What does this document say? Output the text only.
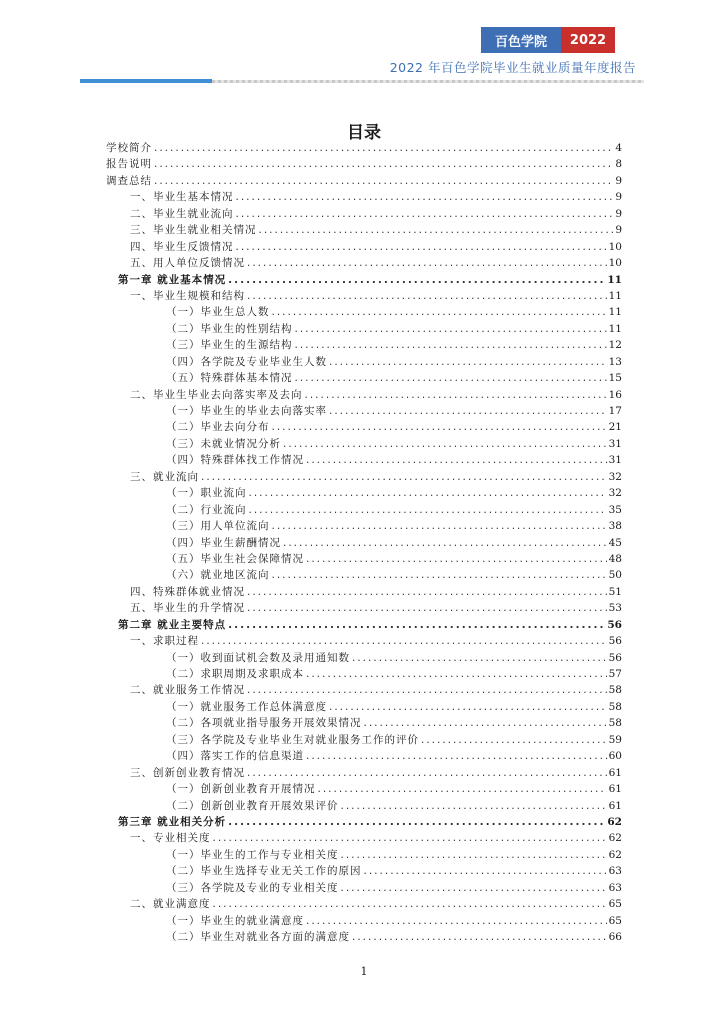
百色学院	2022
2022 年百色学院毕业生就业质量年度报告
目录
学校简介 .....	4
报告说明 .....	8
调查总结 .....	9
一、毕业生基本情况 .....	9
二、毕业生就业流向 .....	9
三、毕业生就业相关情况 .....	9
四、毕业生反馈情况 .....	10
五、用人单位反馈情况 .....	10
第一章 就业基本情况 .....	11
一、毕业生规模和结构 .....	11
（一）毕业生总人数 .....	11
（二）毕业生的性别结构 .....	11
（三）毕业生的生源结构 .....	12
（四）各学院及专业毕业生人数 .....	13
（五）特殊群体基本情况 .....	15
二、毕业生毕业去向落实率及去向 .....	16
（一）毕业生的毕业去向落实率 .....	17
（二）毕业去向分布 .....	21
（三）未就业情况分析 .....	31
（四）特殊群体找工作情况 .....	31
三、就业流向 .....	32
（一）职业流向 .....	32
（二）行业流向 .....	35
（三）用人单位流向 .....	38
（四）毕业生薪酬情况 .....	45
（五）毕业生社会保障情况 .....	48
（六）就业地区流向 .....	50
四、特殊群体就业情况 .....	51
五、毕业生的升学情况 .....	53
第二章 就业主要特点 .....	56
一、求职过程 .....	56
（一）收到面试机会数及录用通知数 .....	56
（二）求职周期及求职成本 .....	57
二、就业服务工作情况 .....	58
（一）就业服务工作总体满意度 .....	58
（二）各项就业指导服务开展效果情况 .....	58
（三）各学院及专业毕业生对就业服务工作的评价 .....	59
（四）落实工作的信息渠道 .....	60
三、创新创业教育情况 .....	61
（一）创新创业教育开展情况 .....	61
（二）创新创业教育开展效果评价 .....	61
第三章 就业相关分析 .....	62
一、专业相关度 .....	62
（一）毕业生的工作与专业相关度 .....	62
（二）毕业生选择专业无关工作的原因 .....	63
（三）各学院及专业的专业相关度 .....	63
二、就业满意度 .....	65
（一）毕业生的就业满意度 .....	65
（二）毕业生对就业各方面的满意度 .....	66
1
